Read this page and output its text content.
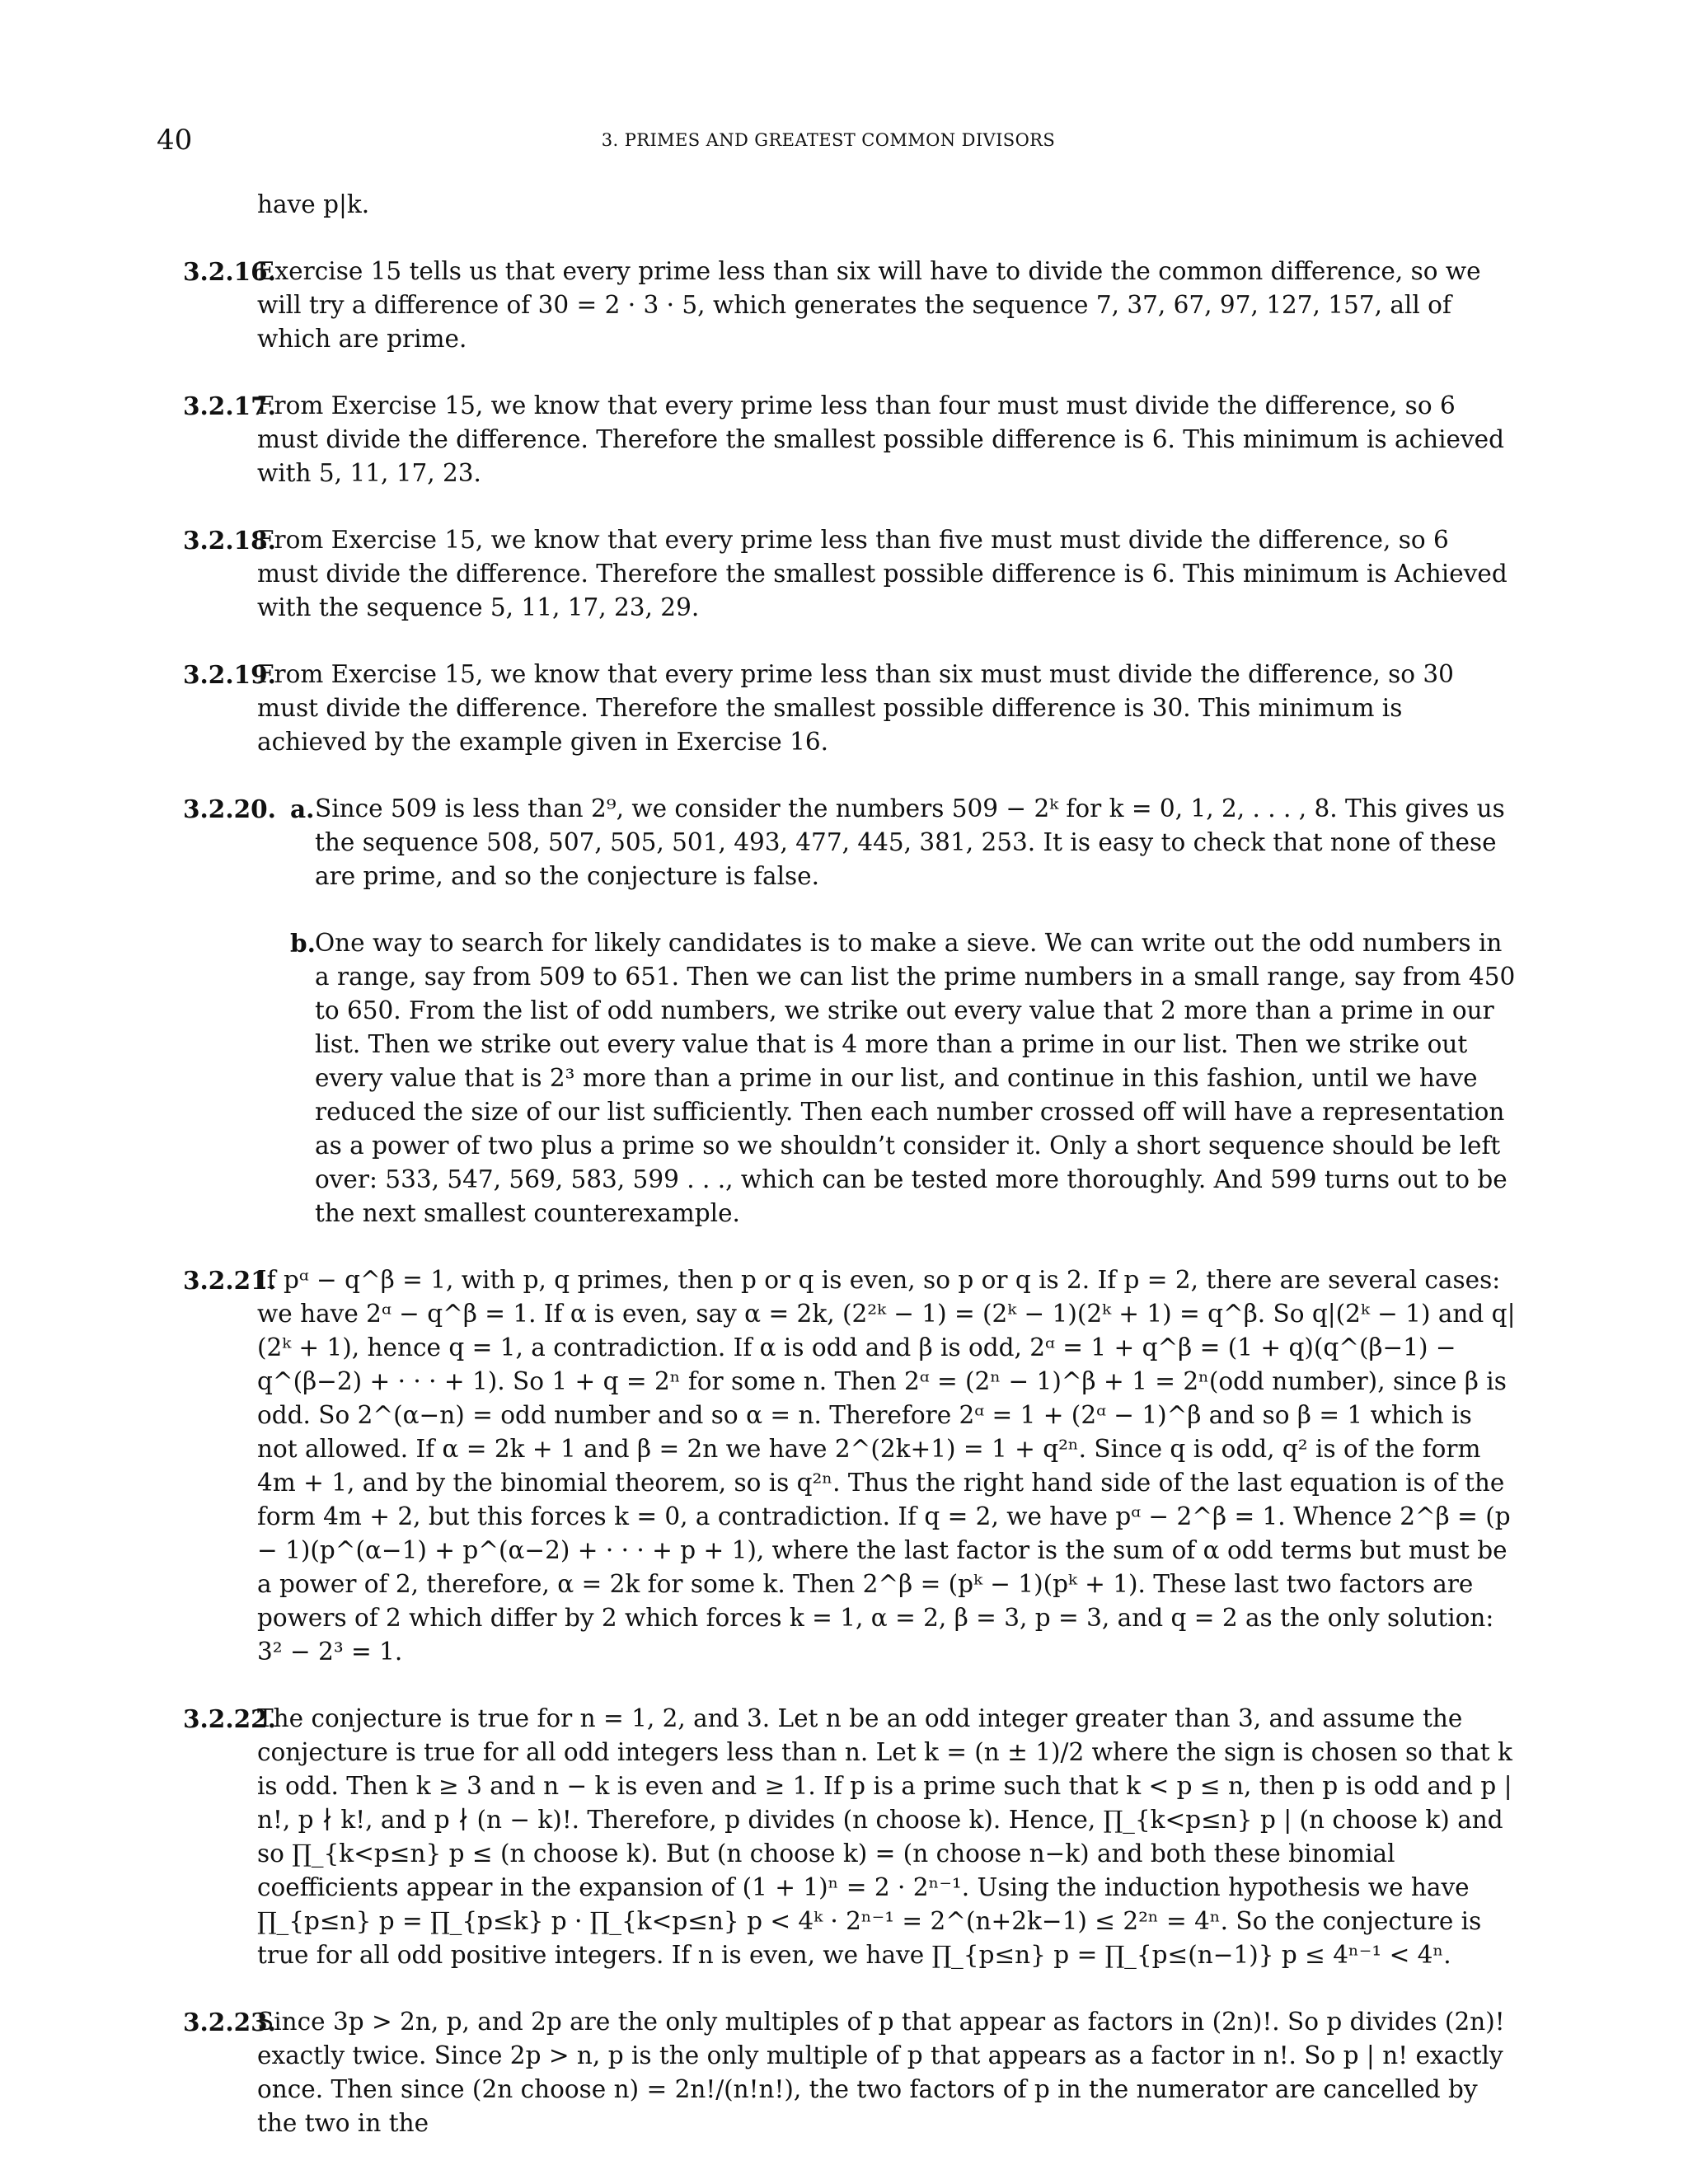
40	3. PRIMES AND GREATEST COMMON DIVISORS
have p|k.
3.2.16.
Exercise 15 tells us that every prime less than six will have to divide the common difference, so we will try a difference of 30 = 2 · 3 · 5, which generates the sequence 7, 37, 67, 97, 127, 157, all of which are prime.
3.2.17.
From Exercise 15, we know that every prime less than four must must divide the difference, so 6 must divide the difference. Therefore the smallest possible difference is 6. This minimum is achieved with 5, 11, 17, 23.
3.2.18.
From Exercise 15, we know that every prime less than five must must divide the difference, so 6 must divide the difference. Therefore the smallest possible difference is 6. This minimum is Achieved with the sequence 5, 11, 17, 23, 29.
3.2.19.
From Exercise 15, we know that every prime less than six must must divide the difference, so 30 must divide the difference. Therefore the smallest possible difference is 30. This minimum is achieved by the example given in Exercise 16.
3.2.20. a. Since 509 is less than 2⁹, we consider the numbers 509 − 2ᵏ for k = 0, 1, 2, . . . , 8. This gives us the sequence 508, 507, 505, 501, 493, 477, 445, 381, 253. It is easy to check that none of these are prime, and so the conjecture is false.
b. One way to search for likely candidates is to make a sieve. We can write out the odd numbers in a range, say from 509 to 651. Then we can list the prime numbers in a small range, say from 450 to 650. From the list of odd numbers, we strike out every value that 2 more than a prime in our list. Then we strike out every value that is 4 more than a prime in our list. Then we strike out every value that is 2³ more than a prime in our list, and continue in this fashion, until we have reduced the size of our list sufficiently. Then each number crossed off will have a representation as a power of two plus a prime so we shouldn’t consider it. Only a short sequence should be left over: 533, 547, 569, 583, 599 . . ., which can be tested more thoroughly. And 599 turns out to be the next smallest counterexample.
3.2.21.
If pᵅ − q^β = 1, with p, q primes, then p or q is even, so p or q is 2. If p = 2, there are several cases: we have 2ᵅ − q^β = 1. If α is even, say α = 2k, (2²ᵏ − 1) = (2ᵏ − 1)(2ᵏ + 1) = q^β. So q|(2ᵏ − 1) and q|(2ᵏ + 1), hence q = 1, a contradiction. If α is odd and β is odd, 2ᵅ = 1 + q^β = (1 + q)(q^(β−1) − q^(β−2) + · · · + 1). So 1 + q = 2ⁿ for some n. Then 2ᵅ = (2ⁿ − 1)^β + 1 = 2ⁿ(odd number), since β is odd. So 2^(α−n) = odd number and so α = n. Therefore 2ᵅ = 1 + (2ᵅ − 1)^β and so β = 1 which is not allowed. If α = 2k + 1 and β = 2n we have 2^(2k+1) = 1 + q²ⁿ. Since q is odd, q² is of the form 4m + 1, and by the binomial theorem, so is q²ⁿ. Thus the right hand side of the last equation is of the form 4m + 2, but this forces k = 0, a contradiction. If q = 2, we have pᵅ − 2^β = 1. Whence 2^β = (p − 1)(p^(α−1) + p^(α−2) + · · · + p + 1), where the last factor is the sum of α odd terms but must be a power of 2, therefore, α = 2k for some k. Then 2^β = (pᵏ − 1)(pᵏ + 1). These last two factors are powers of 2 which differ by 2 which forces k = 1, α = 2, β = 3, p = 3, and q = 2 as the only solution: 3² − 2³ = 1.
3.2.22.
The conjecture is true for n = 1, 2, and 3. Let n be an odd integer greater than 3, and assume the conjecture is true for all odd integers less than n. Let k = (n ± 1)/2 where the sign is chosen so that k is odd. Then k ≥ 3 and n − k is even and ≥ 1. If p is a prime such that k < p ≤ n, then p is odd and p | n!, p ∤ k!, and p ∤ (n − k)!. Therefore, p divides (n choose k). Hence, ∏_{k<p≤n} p | (n choose k) and so ∏_{k<p≤n} p ≤ (n choose k). But (n choose k) = (n choose n−k) and both these binomial coefficients appear in the expansion of (1 + 1)ⁿ = 2 · 2ⁿ⁻¹. Using the induction hypothesis we have ∏_{p≤n} p = ∏_{p≤k} p · ∏_{k<p≤n} p < 4ᵏ · 2ⁿ⁻¹ = 2^(n+2k−1) ≤ 2²ⁿ = 4ⁿ. So the conjecture is true for all odd positive integers. If n is even, we have ∏_{p≤n} p = ∏_{p≤(n−1)} p ≤ 4ⁿ⁻¹ < 4ⁿ.
3.2.23.
Since 3p > 2n, p, and 2p are the only multiples of p that appear as factors in (2n)!. So p divides (2n)! exactly twice. Since 2p > n, p is the only multiple of p that appears as a factor in n!. So p | n! exactly once. Then since (2n choose n) = 2n!/(n!n!), the two factors of p in the numerator are cancelled by the two in the
